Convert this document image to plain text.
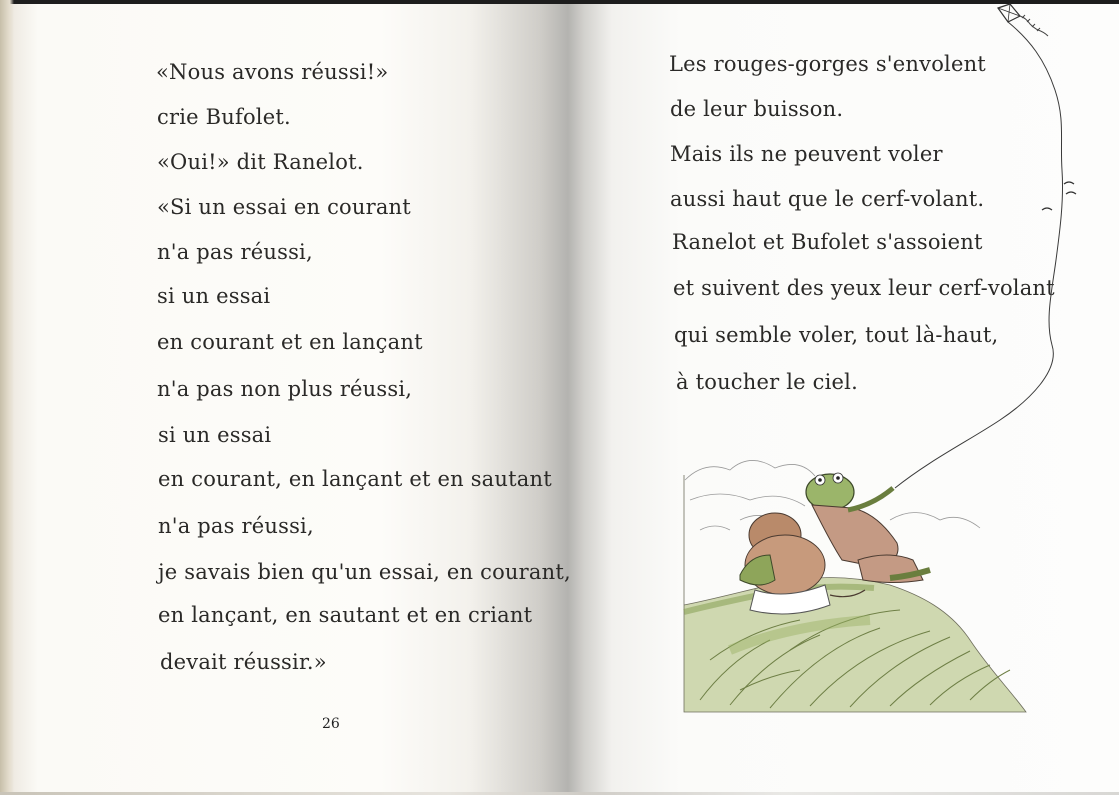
«Nous avons réussi!»
crie Bufolet.
«Oui!» dit Ranelot.
«Si un essai en courant
n'a pas réussi,
si un essai
en courant et en lançant
n'a pas non plus réussi,
si un essai
en courant, en lançant et en sautant
n'a pas réussi,
je savais bien qu'un essai, en courant,
en lançant, en sautant et en criant
devait réussir.»
26
Les rouges-gorges s'envolent
de leur buisson.
Mais ils ne peuvent voler
aussi haut que le cerf-volant.
Ranelot et Bufolet s'assoient
et suivent des yeux leur cerf-volant
qui semble voler, tout là-haut,
à toucher le ciel.
